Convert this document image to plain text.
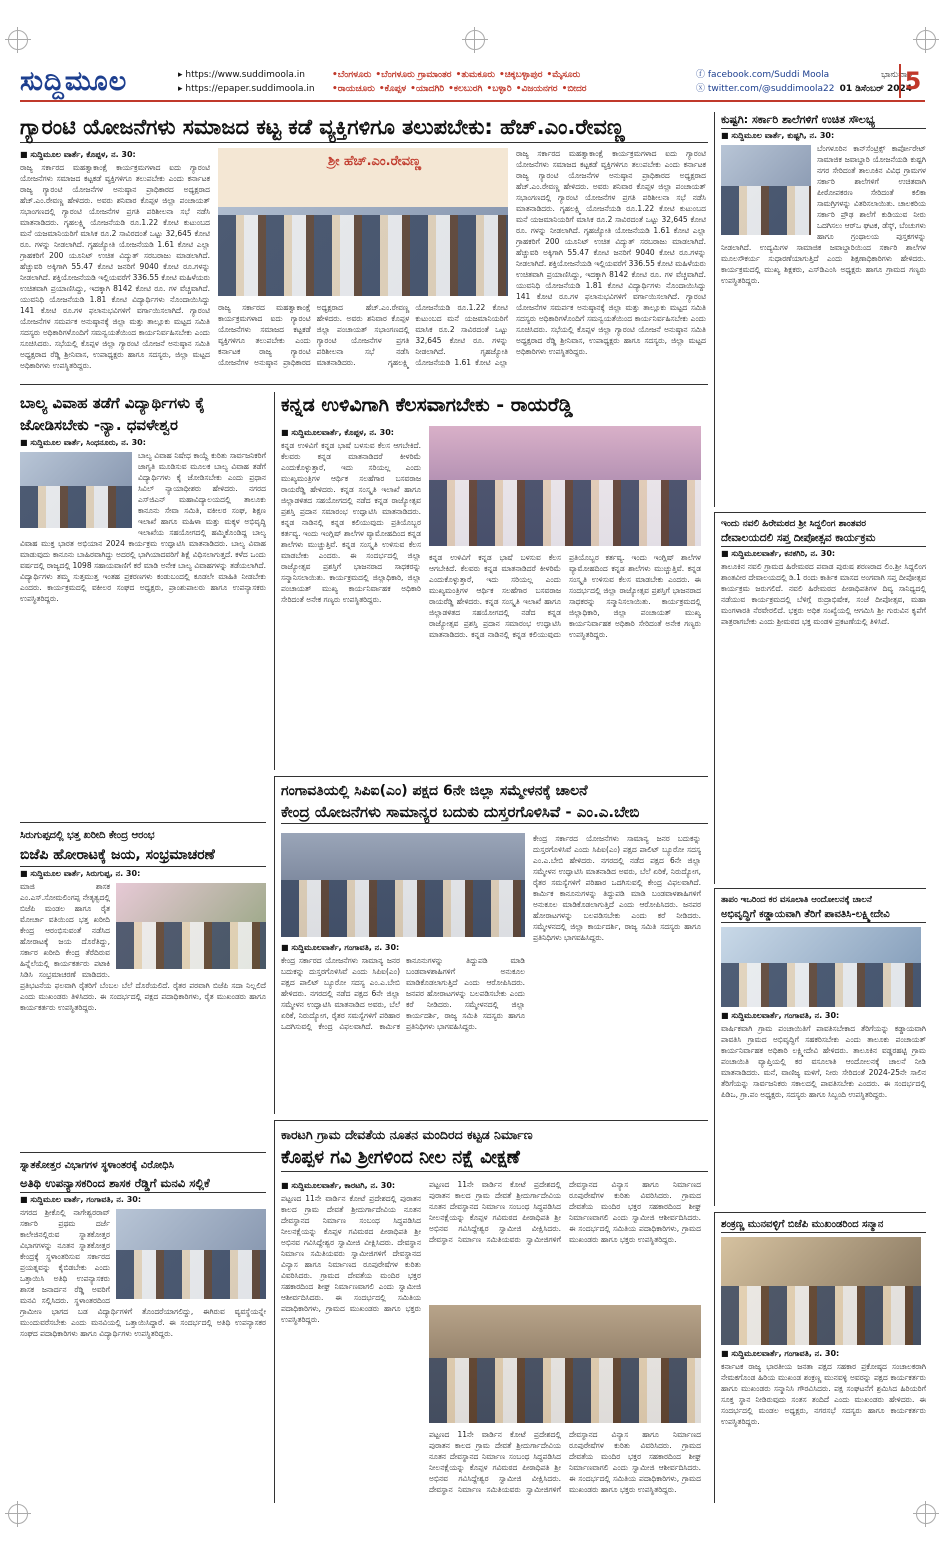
ಸುದ್ದಿಮೂಲ	▸ https://www.suddimoola.in
▸ https://epaper.suddimoola.in
•ಬೆಂಗಳೂರು •ಬೆಂಗಳೂರು ಗ್ರಾಮಾಂತರ •ತುಮಕೂರು •ಚಿಕ್ಕಬಳ್ಳಾಪುರ •ಮೈಸೂರು
•ರಾಯಚೂರು •ಕೊಪ್ಪಳ •ಯಾದಗಿರಿ •ಕಲಬುರಗಿ •ಬಳ್ಳಾರಿ •ವಿಜಯನಗರ •ಬೀದರ
ⓕ facebook.com/Suddi Moola
ⓧ twitter.com/@suddimoola22
ಭಾನುವಾರ
01 ಡಿಸೆಂಬರ್ 2024
5
ಗ್ಯಾರಂಟಿ ಯೋಜನೆಗಳು ಸಮಾಜದ ಕಟ್ಟ ಕಡೆ ವ್ಯಕ್ತಿಗಳಿಗೂ ತಲುಪಬೇಕು: ಹೆಚ್.ಎಂ.ರೇವಣ್ಣ
■ ಸುದ್ದಿಮೂಲ ವಾರ್ತೆ, ಕೊಪ್ಪಳ, ನ. 30:
ರಾಜ್ಯ ಸರ್ಕಾರದ ಮಹತ್ವಾಕಾಂಕ್ಷೆ ಕಾರ್ಯಕ್ರಮಗಳಾದ ಐದು ಗ್ಯಾರಂಟಿ ಯೋಜನೆಗಳು ಸಮಾಜದ ಕಟ್ಟಕಡೆ ವ್ಯಕ್ತಿಗಳಿಗೂ ತಲುಪಬೇಕು ಎಂದು ಕರ್ನಾಟಕ ರಾಜ್ಯ ಗ್ಯಾರಂಟಿ ಯೋಜನೆಗಳ ಅನುಷ್ಠಾನ ಪ್ರಾಧಿಕಾರದ ಅಧ್ಯಕ್ಷರಾದ ಹೆಚ್.ಎಂ.ರೇವಣ್ಣ ಹೇಳಿದರು. ಅವರು ಶನಿವಾರ ಕೊಪ್ಪಳ ಜಿಲ್ಲಾ ಪಂಚಾಯತ್ ಸಭಾಂಗಣದಲ್ಲಿ ಗ್ಯಾರಂಟಿ ಯೋಜನೆಗಳ ಪ್ರಗತಿ ಪರಿಶೀಲನಾ ಸಭೆ ನಡೆಸಿ ಮಾತನಾಡಿದರು. ಗೃಹಲಕ್ಷ್ಮಿ ಯೋಜನೆಯಡಿ ರೂ.1.22 ಕೋಟಿ ಕುಟುಂಬದ ಮನೆ ಯಜಮಾನಿಯರಿಗೆ ಮಾಸಿಕ ರೂ.2 ಸಾವಿರದಂತೆ ಒಟ್ಟು 32,645 ಕೋಟಿ ರೂ. ಗಳನ್ನು ನೀಡಲಾಗಿದೆ. ಗೃಹಜ್ಯೋತಿ ಯೋಜನೆಯಡಿ 1.61 ಕೋಟಿ ಎಲ್ಲಾ ಗ್ರಾಹಕರಿಗೆ 200 ಯೂನಿಟ್ ಉಚಿತ ವಿದ್ಯುತ್ ಸರಬರಾಜು ಮಾಡಲಾಗಿದೆ. ಹೆಚ್ಚುವರಿ ಅಕ್ಕಿಗಾಗಿ 55.47 ಕೋಟಿ ಜನರಿಗೆ 9040 ಕೋಟಿ ರೂ.ಗಳನ್ನು ನೀಡಲಾಗಿದೆ. ಶಕ್ತಿಯೋಜನೆಯಡಿ ಇಲ್ಲಿಯವರೆಗೆ 336.55 ಕೋಟಿ ಮಹಿಳೆಯರು ಉಚಿತವಾಗಿ ಪ್ರಯಾಣಿಸಿದ್ದು, ಇದಕ್ಕಾಗಿ 8142 ಕೋಟಿ ರೂ. ಗಳ ವೆಚ್ಚವಾಗಿದೆ. ಯುವನಿಧಿ ಯೋಜನೆಯಡಿ 1.81 ಕೋಟಿ ವಿದ್ಯಾರ್ಥಿಗಳು ನೊಂದಾಯಿಸಿದ್ದು 141 ಕೋಟಿ ರೂ.ಗಳ ಫಲಾನುಭವಿಗಳಿಗೆ ವರ್ಗಾಯಿಸಲಾಗಿದೆ. ಗ್ಯಾರಂಟಿ ಯೋಜನೆಗಳ ಸಮರ್ಪಕ ಅನುಷ್ಠಾನಕ್ಕೆ ಜಿಲ್ಲಾ ಮತ್ತು ತಾಲ್ಲೂಕು ಮಟ್ಟದ ಸಮಿತಿ ಸದಸ್ಯರು ಅಧಿಕಾರಿಗಳೊಂದಿಗೆ ಸಮನ್ವಯತೆಯಿಂದ ಕಾರ್ಯನಿರ್ವಹಿಸಬೇಕು ಎಂದು ಸೂಚಿಸಿದರು. ಸಭೆಯಲ್ಲಿ ಕೊಪ್ಪಳ ಜಿಲ್ಲಾ ಗ್ಯಾರಂಟಿ ಯೋಜನೆ ಅನುಷ್ಠಾನ ಸಮಿತಿ ಅಧ್ಯಕ್ಷರಾದ ರೆಡ್ಡಿ ಶ್ರೀನಿವಾಸ, ಉಪಾಧ್ಯಕ್ಷರು ಹಾಗೂ ಸದಸ್ಯರು, ಜಿಲ್ಲಾ ಮಟ್ಟದ ಅಧಿಕಾರಿಗಳು ಉಪಸ್ಥಿತರಿದ್ದರು.
ಶ್ರೀ ಹೆಚ್.ಎಂ.ರೇವಣ್ಣ
ರಾಜ್ಯ ಸರ್ಕಾರದ ಮಹತ್ವಾಕಾಂಕ್ಷೆ ಕಾರ್ಯಕ್ರಮಗಳಾದ ಐದು ಗ್ಯಾರಂಟಿ ಯೋಜನೆಗಳು ಸಮಾಜದ ಕಟ್ಟಕಡೆ ವ್ಯಕ್ತಿಗಳಿಗೂ ತಲುಪಬೇಕು ಎಂದು ಕರ್ನಾಟಕ ರಾಜ್ಯ ಗ್ಯಾರಂಟಿ ಯೋಜನೆಗಳ ಅನುಷ್ಠಾನ ಪ್ರಾಧಿಕಾರದ ಅಧ್ಯಕ್ಷರಾದ ಹೆಚ್.ಎಂ.ರೇವಣ್ಣ ಹೇಳಿದರು. ಅವರು ಶನಿವಾರ ಕೊಪ್ಪಳ ಜಿಲ್ಲಾ ಪಂಚಾಯತ್ ಸಭಾಂಗಣದಲ್ಲಿ ಗ್ಯಾರಂಟಿ ಯೋಜನೆಗಳ ಪ್ರಗತಿ ಪರಿಶೀಲನಾ ಸಭೆ ನಡೆಸಿ ಮಾತನಾಡಿದರು. ಗೃಹಲಕ್ಷ್ಮಿ ಯೋಜನೆಯಡಿ ರೂ.1.22 ಕೋಟಿ ಕುಟುಂಬದ ಮನೆ ಯಜಮಾನಿಯರಿಗೆ ಮಾಸಿಕ ರೂ.2 ಸಾವಿರದಂತೆ ಒಟ್ಟು 32,645 ಕೋಟಿ ರೂ. ಗಳನ್ನು ನೀಡಲಾಗಿದೆ. ಗೃಹಜ್ಯೋತಿ ಯೋಜನೆಯಡಿ 1.61 ಕೋಟಿ ಎಲ್ಲಾ
ರಾಜ್ಯ ಸರ್ಕಾರದ ಮಹತ್ವಾಕಾಂಕ್ಷೆ ಕಾರ್ಯಕ್ರಮಗಳಾದ ಐದು ಗ್ಯಾರಂಟಿ ಯೋಜನೆಗಳು ಸಮಾಜದ ಕಟ್ಟಕಡೆ ವ್ಯಕ್ತಿಗಳಿಗೂ ತಲುಪಬೇಕು ಎಂದು ಕರ್ನಾಟಕ ರಾಜ್ಯ ಗ್ಯಾರಂಟಿ ಯೋಜನೆಗಳ ಅನುಷ್ಠಾನ ಪ್ರಾಧಿಕಾರದ ಅಧ್ಯಕ್ಷರಾದ ಹೆಚ್.ಎಂ.ರೇವಣ್ಣ ಹೇಳಿದರು. ಅವರು ಶನಿವಾರ ಕೊಪ್ಪಳ ಜಿಲ್ಲಾ ಪಂಚಾಯತ್ ಸಭಾಂಗಣದಲ್ಲಿ ಗ್ಯಾರಂಟಿ ಯೋಜನೆಗಳ ಪ್ರಗತಿ ಪರಿಶೀಲನಾ ಸಭೆ ನಡೆಸಿ ಮಾತನಾಡಿದರು. ಗೃಹಲಕ್ಷ್ಮಿ ಯೋಜನೆಯಡಿ ರೂ.1.22 ಕೋಟಿ ಕುಟುಂಬದ ಮನೆ ಯಜಮಾನಿಯರಿಗೆ ಮಾಸಿಕ ರೂ.2 ಸಾವಿರದಂತೆ ಒಟ್ಟು 32,645 ಕೋಟಿ ರೂ. ಗಳನ್ನು ನೀಡಲಾಗಿದೆ. ಗೃಹಜ್ಯೋತಿ ಯೋಜನೆಯಡಿ 1.61 ಕೋಟಿ ಎಲ್ಲಾ ಗ್ರಾಹಕರಿಗೆ 200 ಯೂನಿಟ್ ಉಚಿತ ವಿದ್ಯುತ್ ಸರಬರಾಜು ಮಾಡಲಾಗಿದೆ. ಹೆಚ್ಚುವರಿ ಅಕ್ಕಿಗಾಗಿ 55.47 ಕೋಟಿ ಜನರಿಗೆ 9040 ಕೋಟಿ ರೂ.ಗಳನ್ನು ನೀಡಲಾಗಿದೆ. ಶಕ್ತಿಯೋಜನೆಯಡಿ ಇಲ್ಲಿಯವರೆಗೆ 336.55 ಕೋಟಿ ಮಹಿಳೆಯರು ಉಚಿತವಾಗಿ ಪ್ರಯಾಣಿಸಿದ್ದು, ಇದಕ್ಕಾಗಿ 8142 ಕೋಟಿ ರೂ. ಗಳ ವೆಚ್ಚವಾಗಿದೆ. ಯುವನಿಧಿ ಯೋಜನೆಯಡಿ 1.81 ಕೋಟಿ ವಿದ್ಯಾರ್ಥಿಗಳು ನೊಂದಾಯಿಸಿದ್ದು 141 ಕೋಟಿ ರೂ.ಗಳ ಫಲಾನುಭವಿಗಳಿಗೆ ವರ್ಗಾಯಿಸಲಾಗಿದೆ. ಗ್ಯಾರಂಟಿ ಯೋಜನೆಗಳ ಸಮರ್ಪಕ ಅನುಷ್ಠಾನಕ್ಕೆ ಜಿಲ್ಲಾ ಮತ್ತು ತಾಲ್ಲೂಕು ಮಟ್ಟದ ಸಮಿತಿ ಸದಸ್ಯರು ಅಧಿಕಾರಿಗಳೊಂದಿಗೆ ಸಮನ್ವಯತೆಯಿಂದ ಕಾರ್ಯನಿರ್ವಹಿಸಬೇಕು ಎಂದು ಸೂಚಿಸಿದರು. ಸಭೆಯಲ್ಲಿ ಕೊಪ್ಪಳ ಜಿಲ್ಲಾ ಗ್ಯಾರಂಟಿ ಯೋಜನೆ ಅನುಷ್ಠಾನ ಸಮಿತಿ ಅಧ್ಯಕ್ಷರಾದ ರೆಡ್ಡಿ ಶ್ರೀನಿವಾಸ, ಉಪಾಧ್ಯಕ್ಷರು ಹಾಗೂ ಸದಸ್ಯರು, ಜಿಲ್ಲಾ ಮಟ್ಟದ ಅಧಿಕಾರಿಗಳು ಉಪಸ್ಥಿತರಿದ್ದರು.
ಕುಷ್ಟಗಿ: ಸರ್ಕಾರಿ ಶಾಲೆಗಳಿಗೆ ಉಚಿತ ಸೌಲಭ್ಯ
■ ಸುದ್ದಿಮೂಲ ವಾರ್ತೆ, ಕುಷ್ಟಗಿ, ನ. 30:
ಬೆಂಗಳೂರಿನ ಕಾನ್‌ಸೆಂಟ್ರಿಕ್ಸ್ ಕಾರ್ಪೋರೇಟ್ ಸಾಮಾಜಿಕ ಜವಾಬ್ದಾರಿ ಯೋಜನೆಯಡಿ ಕುಷ್ಟಗಿ ನಗರ ಸೇರಿದಂತೆ ತಾಲೂಕಿನ ವಿವಿಧ ಗ್ರಾಮಗಳ ಸರ್ಕಾರಿ ಶಾಲೆಗಳಿಗೆ ಉಚಿತವಾಗಿ ಪೀಠೋಪಕರಣ ಸೇರಿದಂತೆ ಕಲಿಕಾ ಸಾಮಗ್ರಿಗಳನ್ನು ವಿತರಿಸಲಾಯಿತು. ಚಾಲಕರಿಯ ಸರ್ಕಾರಿ ಪ್ರೌಢ ಶಾಲೆಗೆ ಕುಡಿಯುವ ನೀರು ಒದಗಿಸಲು ಆರ್‌ಒ ಘಟಕ, ಡೆಸ್ಕ್, ಬೆಂಚುಗಳು ಹಾಗೂ ಗ್ರಂಥಾಲಯ ಪುಸ್ತಕಗಳನ್ನು ನೀಡಲಾಗಿದೆ. ಉದ್ಯಮಿಗಳ ಸಾಮಾಜಿಕ ಜವಾಬ್ದಾರಿಯಿಂದ ಸರ್ಕಾರಿ ಶಾಲೆಗಳ ಮೂಲಸೌಕರ್ಯ ಸುಧಾರಣೆಯಾಗುತ್ತಿದೆ ಎಂದು ಶಿಕ್ಷಣಾಧಿಕಾರಿಗಳು ಹೇಳಿದರು. ಕಾರ್ಯಕ್ರಮದಲ್ಲಿ ಮುಖ್ಯ ಶಿಕ್ಷಕರು, ಎಸ್‌ಡಿಎಂಸಿ ಅಧ್ಯಕ್ಷರು ಹಾಗೂ ಗ್ರಾಮದ ಗಣ್ಯರು ಉಪಸ್ಥಿತರಿದ್ದರು.
ಬಾಲ್ಯ ವಿವಾಹ ತಡೆಗೆ ವಿದ್ಯಾರ್ಥಿಗಳು ಕೈ ಜೋಡಿಸಬೇಕು -ನ್ಯಾ. ಧವಳೇಶ್ವರ
■ ಸುದ್ದಿಮೂಲ ವಾರ್ತೆ, ಸಿಂಧನೂರು, ನ. 30:
ಬಾಲ್ಯ ವಿವಾಹ ನಿಷೇಧ ಕಾಯ್ದೆ ಕುರಿತು ಸಾರ್ವಜನಿಕರಿಗೆ ಜಾಗೃತಿ ಮೂಡಿಸುವ ಮೂಲಕ ಬಾಲ್ಯ ವಿವಾಹ ತಡೆಗೆ ವಿದ್ಯಾರ್ಥಿಗಳು ಕೈ ಜೋಡಿಸಬೇಕು ಎಂದು ಪ್ರಧಾನ ಸಿವಿಲ್ ನ್ಯಾಯಾಧೀಶರು ಹೇಳಿದರು. ನಗರದ ಎಸ್‌ಜಿಎನ್ ಮಹಾವಿದ್ಯಾಲಯದಲ್ಲಿ ತಾಲೂಕು ಕಾನೂನು ಸೇವಾ ಸಮಿತಿ, ವಕೀಲರ ಸಂಘ, ಶಿಕ್ಷಣ ಇಲಾಖೆ ಹಾಗೂ ಮಹಿಳಾ ಮತ್ತು ಮಕ್ಕಳ ಅಭಿವೃದ್ಧಿ ಇಲಾಖೆಯ ಸಹಯೋಗದಲ್ಲಿ ಹಮ್ಮಿಕೊಂಡಿದ್ದ ಬಾಲ್ಯ ವಿವಾಹ ಮುಕ್ತ ಭಾರತ ಅಭಿಯಾನ 2024 ಕಾರ್ಯಕ್ರಮ ಉದ್ಘಾಟಿಸಿ ಮಾತನಾಡಿದರು. ಬಾಲ್ಯ ವಿವಾಹ ಮಾಡುವುದು ಕಾನೂನು ಬಾಹಿರವಾಗಿದ್ದು ಅದರಲ್ಲಿ ಭಾಗಿಯಾದವರಿಗೆ ಶಿಕ್ಷೆ ವಿಧಿಸಲಾಗುತ್ತದೆ. ಕಳೆದ ಒಂದು ವರ್ಷದಲ್ಲಿ ರಾಜ್ಯದಲ್ಲಿ 1098 ಸಹಾಯವಾಣಿಗೆ ಕರೆ ಮಾಡಿ ಅನೇಕ ಬಾಲ್ಯ ವಿವಾಹಗಳನ್ನು ತಡೆಯಲಾಗಿದೆ. ವಿದ್ಯಾರ್ಥಿಗಳು ತಮ್ಮ ಸುತ್ತಮುತ್ತ ಇಂತಹ ಪ್ರಕರಣಗಳು ಕಂಡುಬಂದಲ್ಲಿ ಕೂಡಲೇ ಮಾಹಿತಿ ನೀಡಬೇಕು ಎಂದರು. ಕಾರ್ಯಕ್ರಮದಲ್ಲಿ ವಕೀಲರ ಸಂಘದ ಅಧ್ಯಕ್ಷರು, ಪ್ರಾಂಶುಪಾಲರು ಹಾಗೂ ಉಪನ್ಯಾಸಕರು ಉಪಸ್ಥಿತರಿದ್ದರು.
ಕನ್ನಡ ಉಳಿವಿಗಾಗಿ ಕೆಲಸವಾಗಬೇಕು - ರಾಯರೆಡ್ಡಿ
■ ಸುದ್ದಿಮೂಲವಾರ್ತೆ, ಕೊಪ್ಪಳ, ನ. 30:
ಕನ್ನಡ ಉಳಿವಿಗೆ ಕನ್ನಡ ಭಾಷೆ ಬಳಸುವ ಕೆಲಸ ಆಗಬೇಕಿದೆ. ಕೆಲವರು ಕನ್ನಡ ಮಾತನಾಡಿದರೆ ಕೀಳರಿಮೆ ಎಂದುಕೊಳ್ಳುತ್ತಾರೆ, ಇದು ಸರಿಯಲ್ಲ ಎಂದು ಮುಖ್ಯಮಂತ್ರಿಗಳ ಆರ್ಥಿಕ ಸಲಹೆಗಾರ ಬಸವರಾಜ ರಾಯರೆಡ್ಡಿ ಹೇಳಿದರು. ಕನ್ನಡ ಸಂಸ್ಕೃತಿ ಇಲಾಖೆ ಹಾಗೂ ಜಿಲ್ಲಾಡಳಿತದ ಸಹಯೋಗದಲ್ಲಿ ನಡೆದ ಕನ್ನಡ ರಾಜ್ಯೋತ್ಸವ ಪ್ರಶಸ್ತಿ ಪ್ರದಾನ ಸಮಾರಂಭ ಉದ್ಘಾಟಿಸಿ ಮಾತನಾಡಿದರು. ಕನ್ನಡ ನಾಡಿನಲ್ಲಿ ಕನ್ನಡ ಕಲಿಯುವುದು ಪ್ರತಿಯೊಬ್ಬರ ಕರ್ತವ್ಯ. ಇಂದು ಇಂಗ್ಲಿಷ್ ಶಾಲೆಗಳ ವ್ಯಾಮೋಹದಿಂದ ಕನ್ನಡ ಶಾಲೆಗಳು ಮುಚ್ಚುತ್ತಿವೆ. ಕನ್ನಡ ಸಂಸ್ಕೃತಿ ಉಳಿಸುವ ಕೆಲಸ ಮಾಡಬೇಕು ಎಂದರು. ಈ ಸಂದರ್ಭದಲ್ಲಿ ಜಿಲ್ಲಾ ರಾಜ್ಯೋತ್ಸವ ಪ್ರಶಸ್ತಿಗೆ ಭಾಜನರಾದ ಸಾಧಕರನ್ನು ಸನ್ಮಾನಿಸಲಾಯಿತು. ಕಾರ್ಯಕ್ರಮದಲ್ಲಿ ಜಿಲ್ಲಾಧಿಕಾರಿ, ಜಿಲ್ಲಾ ಪಂಚಾಯತ್ ಮುಖ್ಯ ಕಾರ್ಯನಿರ್ವಾಹಕ ಅಧಿಕಾರಿ ಸೇರಿದಂತೆ ಅನೇಕ ಗಣ್ಯರು ಉಪಸ್ಥಿತರಿದ್ದರು.
ಕನ್ನಡ ಉಳಿವಿಗೆ ಕನ್ನಡ ಭಾಷೆ ಬಳಸುವ ಕೆಲಸ ಆಗಬೇಕಿದೆ. ಕೆಲವರು ಕನ್ನಡ ಮಾತನಾಡಿದರೆ ಕೀಳರಿಮೆ ಎಂದುಕೊಳ್ಳುತ್ತಾರೆ, ಇದು ಸರಿಯಲ್ಲ ಎಂದು ಮುಖ್ಯಮಂತ್ರಿಗಳ ಆರ್ಥಿಕ ಸಲಹೆಗಾರ ಬಸವರಾಜ ರಾಯರೆಡ್ಡಿ ಹೇಳಿದರು. ಕನ್ನಡ ಸಂಸ್ಕೃತಿ ಇಲಾಖೆ ಹಾಗೂ ಜಿಲ್ಲಾಡಳಿತದ ಸಹಯೋಗದಲ್ಲಿ ನಡೆದ ಕನ್ನಡ ರಾಜ್ಯೋತ್ಸವ ಪ್ರಶಸ್ತಿ ಪ್ರದಾನ ಸಮಾರಂಭ ಉದ್ಘಾಟಿಸಿ ಮಾತನಾಡಿದರು. ಕನ್ನಡ ನಾಡಿನಲ್ಲಿ ಕನ್ನಡ ಕಲಿಯುವುದು ಪ್ರತಿಯೊಬ್ಬರ ಕರ್ತವ್ಯ. ಇಂದು ಇಂಗ್ಲಿಷ್ ಶಾಲೆಗಳ ವ್ಯಾಮೋಹದಿಂದ ಕನ್ನಡ ಶಾಲೆಗಳು ಮುಚ್ಚುತ್ತಿವೆ. ಕನ್ನಡ ಸಂಸ್ಕೃತಿ ಉಳಿಸುವ ಕೆಲಸ ಮಾಡಬೇಕು ಎಂದರು. ಈ ಸಂದರ್ಭದಲ್ಲಿ ಜಿಲ್ಲಾ ರಾಜ್ಯೋತ್ಸವ ಪ್ರಶಸ್ತಿಗೆ ಭಾಜನರಾದ ಸಾಧಕರನ್ನು ಸನ್ಮಾನಿಸಲಾಯಿತು. ಕಾರ್ಯಕ್ರಮದಲ್ಲಿ ಜಿಲ್ಲಾಧಿಕಾರಿ, ಜಿಲ್ಲಾ ಪಂಚಾಯತ್ ಮುಖ್ಯ ಕಾರ್ಯನಿರ್ವಾಹಕ ಅಧಿಕಾರಿ ಸೇರಿದಂತೆ ಅನೇಕ ಗಣ್ಯರು ಉಪಸ್ಥಿತರಿದ್ದರು.
ಇಂದು ನವಲಿ ಹಿರೇಮಠದ ಶ್ರೀ ಸಿದ್ದಲಿಂಗ ಶಾಂತವರ
ದೇವಾಲಯದಲಿ ಸಪ್ತ ದೀಪೋತ್ಸವ ಕಾರ್ಯಕ್ರಮ
■ ಸುದ್ದಿಮೂಲವಾರ್ತೆ, ಕನಕಗಿರಿ, ನ. 30:
ತಾಲೂಕಿನ ನವಲಿ ಗ್ರಾಮದ ಹಿರೇಮಠದ ಪವಾಡ ಪುರುಷ ಶರಣರಾದ ಲಿಂ.ಶ್ರೀ ಸಿದ್ದಲಿಂಗ ಶಾಂತವೀರ ದೇವಾಲಯದಲ್ಲಿ ಡಿ.1 ರಂದು ಕಾರ್ತಿಕ ಮಾಸದ ಅಂಗವಾಗಿ ಸಪ್ತ ದೀಪೋತ್ಸವ ಕಾರ್ಯಕ್ರಮ ಜರುಗಲಿದೆ. ನವಲಿ ಹಿರೇಮಠದ ಪೀಠಾಧಿಪತಿಗಳ ದಿವ್ಯ ಸಾನಿಧ್ಯದಲ್ಲಿ ನಡೆಯುವ ಕಾರ್ಯಕ್ರಮದಲ್ಲಿ ಬೆಳಿಗ್ಗೆ ರುದ್ರಾಭಿಷೇಕ, ಸಂಜೆ ದೀಪೋತ್ಸವ, ಮಹಾ ಮಂಗಳಾರತಿ ನೆರವೇರಲಿದೆ. ಭಕ್ತರು ಅಧಿಕ ಸಂಖ್ಯೆಯಲ್ಲಿ ಆಗಮಿಸಿ ಶ್ರೀ ಗುರುವಿನ ಕೃಪೆಗೆ ಪಾತ್ರರಾಗಬೇಕು ಎಂದು ಶ್ರೀಮಠದ ಭಕ್ತ ಮಂಡಳಿ ಪ್ರಕಟಣೆಯಲ್ಲಿ ತಿಳಿಸಿದೆ.
ಸಿರುಗುಪ್ಪದಲ್ಲಿ ಭತ್ತ ಖರೀದಿ ಕೇಂದ್ರ ಆರಂಭ
ಬಿಜೆಪಿ ಹೋರಾಟಕ್ಕೆ ಜಯ, ಸಂಭ್ರಮಾಚರಣೆ
■ ಸುದ್ದಿಮೂಲ ವಾರ್ತೆ, ಸಿರುಗುಪ್ಪ, ನ. 30:
ಮಾಜಿ ಶಾಸಕ ಎಂ.ಎಸ್.ಸೋಮಲಿಂಗಪ್ಪ ನೇತೃತ್ವದಲ್ಲಿ ಬಿಜೆಪಿ ಮಂಡಲ ಹಾಗೂ ರೈತ ಮೋರ್ಚಾ ವತಿಯಿಂದ ಭತ್ತ ಖರೀದಿ ಕೇಂದ್ರ ಆರಂಭಿಸುವಂತೆ ನಡೆಸಿದ ಹೋರಾಟಕ್ಕೆ ಜಯ ದೊರೆತಿದ್ದು, ಸರ್ಕಾರ ಖರೀದಿ ಕೇಂದ್ರ ತೆರೆದಿರುವ ಹಿನ್ನೆಲೆಯಲ್ಲಿ ಕಾರ್ಯಕರ್ತರು ಪಟಾಕಿ ಸಿಡಿಸಿ ಸಂಭ್ರಮಾಚರಣೆ ಮಾಡಿದರು. ಪ್ರತಿಭಟನೆಯ ಫಲವಾಗಿ ರೈತರಿಗೆ ಬೆಂಬಲ ಬೆಲೆ ದೊರೆಯಲಿದೆ. ರೈತರ ಪರವಾಗಿ ಬಿಜೆಪಿ ಸದಾ ನಿಲ್ಲಲಿದೆ ಎಂದು ಮುಖಂಡರು ತಿಳಿಸಿದರು. ಈ ಸಂದರ್ಭದಲ್ಲಿ ಪಕ್ಷದ ಪದಾಧಿಕಾರಿಗಳು, ರೈತ ಮುಖಂಡರು ಹಾಗೂ ಕಾರ್ಯಕರ್ತರು ಉಪಸ್ಥಿತರಿದ್ದರು.
ಗಂಗಾವತಿಯಲ್ಲಿ ಸಿಪಿಐ(ಎಂ) ಪಕ್ಷದ 6ನೇ ಜಿಲ್ಲಾ ಸಮ್ಮೇಳನಕ್ಕೆ ಚಾಲನೆ
ಕೇಂದ್ರ ಯೋಜನೆಗಳು ಸಾಮಾನ್ಯರ ಬದುಕು ದುಸ್ತರಗೊಳಿಸಿವೆ - ಎಂ.ಎ.ಬೇಬಿ
■ ಸುದ್ದಿಮೂಲವಾರ್ತೆ, ಗಂಗಾವತಿ, ನ. 30:
ಕೇಂದ್ರ ಸರ್ಕಾರದ ಯೋಜನೆಗಳು ಸಾಮಾನ್ಯ ಜನರ ಬದುಕನ್ನು ದುಸ್ತರಗೊಳಿಸಿವೆ ಎಂದು ಸಿಪಿಐ(ಎಂ) ಪಕ್ಷದ ಪಾಲಿಟ್ ಬ್ಯೂರೋ ಸದಸ್ಯ ಎಂ.ಎ.ಬೇಬಿ ಹೇಳಿದರು. ನಗರದಲ್ಲಿ ನಡೆದ ಪಕ್ಷದ 6ನೇ ಜಿಲ್ಲಾ ಸಮ್ಮೇಳನ ಉದ್ಘಾಟಿಸಿ ಮಾತನಾಡಿದ ಅವರು, ಬೆಲೆ ಏರಿಕೆ, ನಿರುದ್ಯೋಗ, ರೈತರ ಸಮಸ್ಯೆಗಳಿಗೆ ಪರಿಹಾರ ಒದಗಿಸುವಲ್ಲಿ ಕೇಂದ್ರ ವಿಫಲವಾಗಿದೆ. ಕಾರ್ಮಿಕ ಕಾನೂನುಗಳನ್ನು ತಿದ್ದುಪಡಿ ಮಾಡಿ ಬಂಡವಾಳಶಾಹಿಗಳಿಗೆ ಅನುಕೂಲ ಮಾಡಿಕೊಡಲಾಗುತ್ತಿದೆ ಎಂದು ಆರೋಪಿಸಿದರು. ಜನಪರ ಹೋರಾಟಗಳನ್ನು ಬಲಪಡಿಸಬೇಕು ಎಂದು ಕರೆ ನೀಡಿದರು. ಸಮ್ಮೇಳನದಲ್ಲಿ ಜಿಲ್ಲಾ ಕಾರ್ಯದರ್ಶಿ, ರಾಜ್ಯ ಸಮಿತಿ ಸದಸ್ಯರು ಹಾಗೂ ಪ್ರತಿನಿಧಿಗಳು ಭಾಗವಹಿಸಿದ್ದರು.
ಕೇಂದ್ರ ಸರ್ಕಾರದ ಯೋಜನೆಗಳು ಸಾಮಾನ್ಯ ಜನರ ಬದುಕನ್ನು ದುಸ್ತರಗೊಳಿಸಿವೆ ಎಂದು ಸಿಪಿಐ(ಎಂ) ಪಕ್ಷದ ಪಾಲಿಟ್ ಬ್ಯೂರೋ ಸದಸ್ಯ ಎಂ.ಎ.ಬೇಬಿ ಹೇಳಿದರು. ನಗರದಲ್ಲಿ ನಡೆದ ಪಕ್ಷದ 6ನೇ ಜಿಲ್ಲಾ ಸಮ್ಮೇಳನ ಉದ್ಘಾಟಿಸಿ ಮಾತನಾಡಿದ ಅವರು, ಬೆಲೆ ಏರಿಕೆ, ನಿರುದ್ಯೋಗ, ರೈತರ ಸಮಸ್ಯೆಗಳಿಗೆ ಪರಿಹಾರ ಒದಗಿಸುವಲ್ಲಿ ಕೇಂದ್ರ ವಿಫಲವಾಗಿದೆ. ಕಾರ್ಮಿಕ ಕಾನೂನುಗಳನ್ನು ತಿದ್ದುಪಡಿ ಮಾಡಿ ಬಂಡವಾಳಶಾಹಿಗಳಿಗೆ ಅನುಕೂಲ ಮಾಡಿಕೊಡಲಾಗುತ್ತಿದೆ ಎಂದು ಆರೋಪಿಸಿದರು. ಜನಪರ ಹೋರಾಟಗಳನ್ನು ಬಲಪಡಿಸಬೇಕು ಎಂದು ಕರೆ ನೀಡಿದರು. ಸಮ್ಮೇಳನದಲ್ಲಿ ಜಿಲ್ಲಾ ಕಾರ್ಯದರ್ಶಿ, ರಾಜ್ಯ ಸಮಿತಿ ಸದಸ್ಯರು ಹಾಗೂ ಪ್ರತಿನಿಧಿಗಳು ಭಾಗವಹಿಸಿದ್ದರು.
ತಾಪಂ ಇಒರಿಂದ ಕರ ವಸೂಲಾತಿ ಆಂದೋಲನಕ್ಕೆ ಚಾಲನೆ
ಅಭಿವೃದ್ಧಿಗೆ ಕಡ್ಡಾಯವಾಗಿ ತೆರಿಗೆ ಪಾವತಿಸಿ-ಲಕ್ಷ್ಮೀದೇವಿ
■ ಸುದ್ದಿಮೂಲವಾರ್ತೆ, ಗಂಗಾವತಿ, ನ. 30:
ವಾರ್ಷಿಕವಾಗಿ ಗ್ರಾಮ ಪಂಚಾಯಿತಿಗೆ ಪಾವತಿಸಬೇಕಾದ ತೆರಿಗೆಯನ್ನು ಕಡ್ಡಾಯವಾಗಿ ಪಾವತಿಸಿ ಗ್ರಾಮದ ಅಭಿವೃದ್ಧಿಗೆ ಸಹಕರಿಸಬೇಕು ಎಂದು ತಾಲೂಕು ಪಂಚಾಯತ್ ಕಾರ್ಯನಿರ್ವಾಹಕ ಅಧಿಕಾರಿ ಲಕ್ಷ್ಮೀದೇವಿ ಹೇಳಿದರು. ತಾಲೂಕಿನ ವಡ್ಡರಹಟ್ಟಿ ಗ್ರಾಮ ಪಂಚಾಯಿತಿ ವ್ಯಾಪ್ತಿಯಲ್ಲಿ ಕರ ವಸೂಲಾತಿ ಆಂದೋಲನಕ್ಕೆ ಚಾಲನೆ ನೀಡಿ ಮಾತನಾಡಿದರು. ಮನೆ, ವಾಣಿಜ್ಯ ಮಳಿಗೆ, ನೀರು ಸೇರಿದಂತೆ 2024-25ನೇ ಸಾಲಿನ ತೆರಿಗೆಯನ್ನು ಸಾರ್ವಜನಿಕರು ಸಕಾಲದಲ್ಲಿ ಪಾವತಿಸಬೇಕು ಎಂದರು. ಈ ಸಂದರ್ಭದಲ್ಲಿ ಪಿಡಿಒ, ಗ್ರಾ.ಪಂ ಅಧ್ಯಕ್ಷರು, ಸದಸ್ಯರು ಹಾಗೂ ಸಿಬ್ಬಂದಿ ಉಪಸ್ಥಿತರಿದ್ದರು.
ಸ್ನಾತಕೋತ್ತರ ವಿಭಾಗಗಳ ಸ್ಥಳಾಂತರಕ್ಕೆ ವಿರೋಧಿಸಿ
ಅತಿಥಿ ಉಪನ್ಯಾಸಕರಿಂದ ಶಾಸಕ ರೆಡ್ಡಿಗೆ ಮನವಿ ಸಲ್ಲಿಕೆ
■ ಸುದ್ದಿಮೂಲ ವಾರ್ತೆ, ಗಂಗಾವತಿ, ನ. 30:
ನಗರದ ಶ್ರೀಕೊಲ್ಲಿ ನಾಗೇಶ್ವರರಾವ್ ಸರ್ಕಾರಿ ಪ್ರಥಮ ದರ್ಜೆ ಕಾಲೇಜಿನಲ್ಲಿರುವ ಸ್ನಾತಕೋತ್ತರ ವಿಭಾಗಗಳನ್ನು ನೂತನ ಸ್ನಾತಕೋತ್ತರ ಕೇಂದ್ರಕ್ಕೆ ಸ್ಥಳಾಂತರಿಸುವ ಸರ್ಕಾರದ ಪ್ರಯತ್ನವನ್ನು ಕೈಬಿಡಬೇಕು ಎಂದು ಒತ್ತಾಯಿಸಿ ಅತಿಥಿ ಉಪನ್ಯಾಸಕರು ಶಾಸಕ ಜನಾರ್ದನ ರೆಡ್ಡಿ ಅವರಿಗೆ ಮನವಿ ಸಲ್ಲಿಸಿದರು. ಸ್ಥಳಾಂತರದಿಂದ ಗ್ರಾಮೀಣ ಭಾಗದ ಬಡ ವಿದ್ಯಾರ್ಥಿಗಳಿಗೆ ತೊಂದರೆಯಾಗಲಿದ್ದು, ಈಗಿರುವ ವ್ಯವಸ್ಥೆಯನ್ನೇ ಮುಂದುವರೆಸಬೇಕು ಎಂದು ಮನವಿಯಲ್ಲಿ ಒತ್ತಾಯಿಸಿದ್ದಾರೆ. ಈ ಸಂದರ್ಭದಲ್ಲಿ ಅತಿಥಿ ಉಪನ್ಯಾಸಕರ ಸಂಘದ ಪದಾಧಿಕಾರಿಗಳು ಹಾಗೂ ವಿದ್ಯಾರ್ಥಿಗಳು ಉಪಸ್ಥಿತರಿದ್ದರು.
ಕಾರಟಗಿ ಗ್ರಾಮ ದೇವತೆಯ ನೂತನ ಮಂದಿರದ ಕಟ್ಟಡ ನಿರ್ಮಾಣ
ಕೊಪ್ಪಳ ಗವಿ ಶ್ರೀಗಳಿಂದ ನೀಲ ನಕ್ಷೆ ವೀಕ್ಷಣೆ
■ ಸುದ್ದಿಮೂಲವಾರ್ತೆ, ಕಾರಟಗಿ, ನ. 30:
ಪಟ್ಟಣದ 11ನೇ ವಾರ್ಡಿನ ಕೋಟೆ ಪ್ರದೇಶದಲ್ಲಿ ಪುರಾತನ ಕಾಲದ ಗ್ರಾಮ ದೇವತೆ ಶ್ರೀದುರ್ಗಾದೇವಿಯ ನೂತನ ದೇವಸ್ಥಾನದ ನಿರ್ಮಾಣ ಸಂಬಂಧ ಸಿದ್ಧಪಡಿಸಿದ ನೀಲನಕ್ಷೆಯನ್ನು ಕೊಪ್ಪಳ ಗವಿಮಠದ ಪೀಠಾಧಿಪತಿ ಶ್ರೀ ಅಭಿನವ ಗವಿಸಿದ್ದೇಶ್ವರ ಸ್ವಾಮೀಜಿ ವೀಕ್ಷಿಸಿದರು. ದೇವಸ್ಥಾನ ನಿರ್ಮಾಣ ಸಮಿತಿಯವರು ಸ್ವಾಮೀಜಿಗಳಿಗೆ ದೇವಸ್ಥಾನದ ವಿನ್ಯಾಸ ಹಾಗೂ ನಿರ್ಮಾಣದ ರೂಪುರೇಷೆಗಳ ಕುರಿತು ವಿವರಿಸಿದರು. ಗ್ರಾಮದ ದೇವತೆಯ ಮಂದಿರ ಭಕ್ತರ ಸಹಕಾರದಿಂದ ಶೀಘ್ರ ನಿರ್ಮಾಣವಾಗಲಿ ಎಂದು ಸ್ವಾಮೀಜಿ ಆಶೀರ್ವದಿಸಿದರು. ಈ ಸಂದರ್ಭದಲ್ಲಿ ಸಮಿತಿಯ ಪದಾಧಿಕಾರಿಗಳು, ಗ್ರಾಮದ ಮುಖಂಡರು ಹಾಗೂ ಭಕ್ತರು ಉಪಸ್ಥಿತರಿದ್ದರು.
ಪಟ್ಟಣದ 11ನೇ ವಾರ್ಡಿನ ಕೋಟೆ ಪ್ರದೇಶದಲ್ಲಿ ಪುರಾತನ ಕಾಲದ ಗ್ರಾಮ ದೇವತೆ ಶ್ರೀದುರ್ಗಾದೇವಿಯ ನೂತನ ದೇವಸ್ಥಾನದ ನಿರ್ಮಾಣ ಸಂಬಂಧ ಸಿದ್ಧಪಡಿಸಿದ ನೀಲನಕ್ಷೆಯನ್ನು ಕೊಪ್ಪಳ ಗವಿಮಠದ ಪೀಠಾಧಿಪತಿ ಶ್ರೀ ಅಭಿನವ ಗವಿಸಿದ್ದೇಶ್ವರ ಸ್ವಾಮೀಜಿ ವೀಕ್ಷಿಸಿದರು. ದೇವಸ್ಥಾನ ನಿರ್ಮಾಣ ಸಮಿತಿಯವರು ಸ್ವಾಮೀಜಿಗಳಿಗೆ ದೇವಸ್ಥಾನದ ವಿನ್ಯಾಸ ಹಾಗೂ ನಿರ್ಮಾಣದ ರೂಪುರೇಷೆಗಳ ಕುರಿತು ವಿವರಿಸಿದರು. ಗ್ರಾಮದ ದೇವತೆಯ ಮಂದಿರ ಭಕ್ತರ ಸಹಕಾರದಿಂದ ಶೀಘ್ರ ನಿರ್ಮಾಣವಾಗಲಿ ಎಂದು ಸ್ವಾಮೀಜಿ ಆಶೀರ್ವದಿಸಿದರು. ಈ ಸಂದರ್ಭದಲ್ಲಿ ಸಮಿತಿಯ ಪದಾಧಿಕಾರಿಗಳು, ಗ್ರಾಮದ ಮುಖಂಡರು ಹಾಗೂ ಭಕ್ತರು ಉಪಸ್ಥಿತರಿದ್ದರು.
ಪಟ್ಟಣದ 11ನೇ ವಾರ್ಡಿನ ಕೋಟೆ ಪ್ರದೇಶದಲ್ಲಿ ಪುರಾತನ ಕಾಲದ ಗ್ರಾಮ ದೇವತೆ ಶ್ರೀದುರ್ಗಾದೇವಿಯ ನೂತನ ದೇವಸ್ಥಾನದ ನಿರ್ಮಾಣ ಸಂಬಂಧ ಸಿದ್ಧಪಡಿಸಿದ ನೀಲನಕ್ಷೆಯನ್ನು ಕೊಪ್ಪಳ ಗವಿಮಠದ ಪೀಠಾಧಿಪತಿ ಶ್ರೀ ಅಭಿನವ ಗವಿಸಿದ್ದೇಶ್ವರ ಸ್ವಾಮೀಜಿ ವೀಕ್ಷಿಸಿದರು. ದೇವಸ್ಥಾನ ನಿರ್ಮಾಣ ಸಮಿತಿಯವರು ಸ್ವಾಮೀಜಿಗಳಿಗೆ ದೇವಸ್ಥಾನದ ವಿನ್ಯಾಸ ಹಾಗೂ ನಿರ್ಮಾಣದ ರೂಪುರೇಷೆಗಳ ಕುರಿತು ವಿವರಿಸಿದರು. ಗ್ರಾಮದ ದೇವತೆಯ ಮಂದಿರ ಭಕ್ತರ ಸಹಕಾರದಿಂದ ಶೀಘ್ರ ನಿರ್ಮಾಣವಾಗಲಿ ಎಂದು ಸ್ವಾಮೀಜಿ ಆಶೀರ್ವದಿಸಿದರು. ಈ ಸಂದರ್ಭದಲ್ಲಿ ಸಮಿತಿಯ ಪದಾಧಿಕಾರಿಗಳು, ಗ್ರಾಮದ ಮುಖಂಡರು ಹಾಗೂ ಭಕ್ತರು ಉಪಸ್ಥಿತರಿದ್ದರು.
ಶಂಕ್ರಣ್ಣ ಮುನವಳ್ಳಿಗೆ ಬಿಜೆಪಿ ಮುಖಂಡರಿಂದ ಸನ್ಮಾನ
■ ಸುದ್ದಿಮೂಲವಾರ್ತೆ, ಗಂಗಾವತಿ, ನ. 30:
ಕರ್ನಾಟಕ ರಾಜ್ಯ ಭಾರತೀಯ ಜನತಾ ಪಕ್ಷದ ಸಹಕಾರ ಪ್ರಕೋಷ್ಠದ ಸಂಚಾಲಕರಾಗಿ ನೇಮಕಗೊಂಡ ಹಿರಿಯ ಮುಖಂಡ ಶಂಕ್ರಣ್ಣ ಮುನವಳ್ಳಿ ಅವರನ್ನು ಪಕ್ಷದ ಕಾರ್ಯಕರ್ತರು ಹಾಗೂ ಮುಖಂಡರು ಸನ್ಮಾನಿಸಿ ಗೌರವಿಸಿದರು. ಪಕ್ಷ ಸಂಘಟನೆಗೆ ಶ್ರಮಿಸಿದ ಹಿರಿಯರಿಗೆ ಸೂಕ್ತ ಸ್ಥಾನ ನೀಡಿರುವುದು ಸಂತಸ ತಂದಿದೆ ಎಂದು ಮುಖಂಡರು ಹೇಳಿದರು. ಈ ಸಂದರ್ಭದಲ್ಲಿ ಮಂಡಲ ಅಧ್ಯಕ್ಷರು, ನಗರಸಭೆ ಸದಸ್ಯರು ಹಾಗೂ ಕಾರ್ಯಕರ್ತರು ಉಪಸ್ಥಿತರಿದ್ದರು.
